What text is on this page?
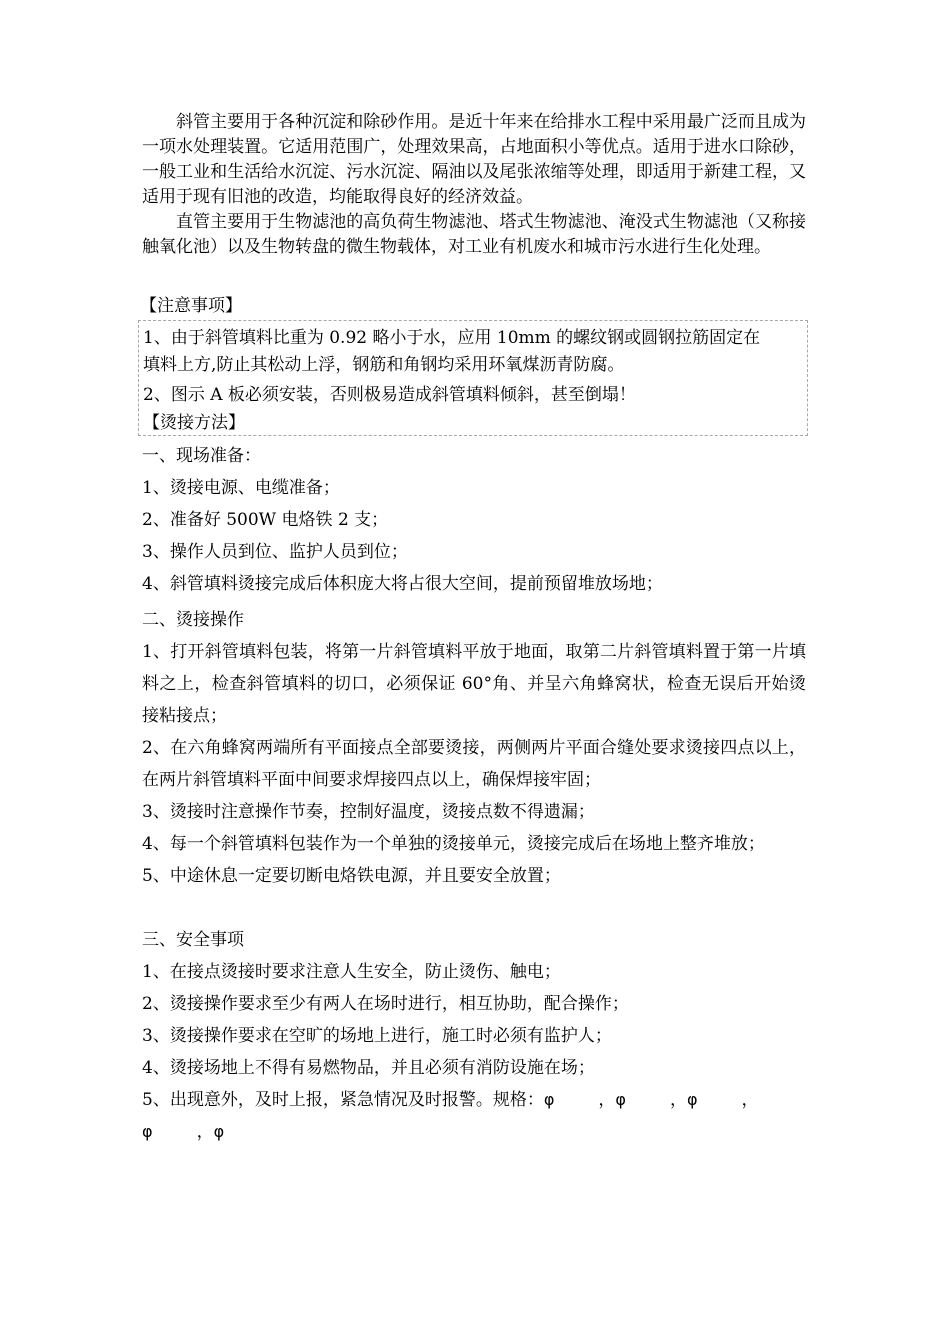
斜管主要用于各种沉淀和除砂作用。是近十年来在给排水工程中采用最广泛而且成为一项水处理装置。它适用范围广，处理效果高，占地面积小等优点。适用于进水口除砂，一般工业和生活给水沉淀、污水沉淀、隔油以及尾张浓缩等处理，即适用于新建工程，又适用于现有旧池的改造，均能取得良好的经济效益。

直管主要用于生物滤池的高负荷生物滤池、塔式生物滤池、淹没式生物滤池（又称接触氧化池）以及生物转盘的微生物载体，对工业有机废水和城市污水进行生化处理。

【注意事项】
1、由于斜管填料比重为 0.92 略小于水，应用 10mm 的螺纹钢或圆钢拉筋固定在
填料上方,防止其松动上浮，钢筋和角钢均采用环氧煤沥青防腐。
2、图示 A 板必须安装，否则极易造成斜管填料倾斜，甚至倒塌！
【烫接方法】

一、现场准备：

1、烫接电源、电缆准备；

2、准备好 500W 电烙铁 2 支；

3、操作人员到位、监护人员到位；

4、斜管填料烫接完成后体积庞大将占很大空间，提前预留堆放场地；

二、烫接操作

1、打开斜管填料包装，将第一片斜管填料平放于地面，取第二片斜管填料置于第一片填料之上，检查斜管填料的切口，必须保证 60°角、并呈六角蜂窝状，检查无误后开始烫接粘接点；

2、在六角蜂窝两端所有平面接点全部要烫接，两侧两片平面合缝处要求烫接四点以上，在两片斜管填料平面中间要求焊接四点以上，确保焊接牢固；

3、烫接时注意操作节奏，控制好温度，烫接点数不得遗漏；

4、每一个斜管填料包装作为一个单独的烫接单元，烫接完成后在场地上整齐堆放；

5、中途休息一定要切断电烙铁电源，并且要安全放置；

三、安全事项

1、在接点烫接时要求注意人生安全，防止烫伤、触电；

2、烫接操作要求至少有两人在场时进行，相互协助，配合操作；

3、烫接操作要求在空旷的场地上进行，施工时必须有监护人；

4、烫接场地上不得有易燃物品，并且必须有消防设施在场；

5、出现意外，及时上报，紧急情况及时报警。规格：φ	，φ	，φ	，
φ	，φ
